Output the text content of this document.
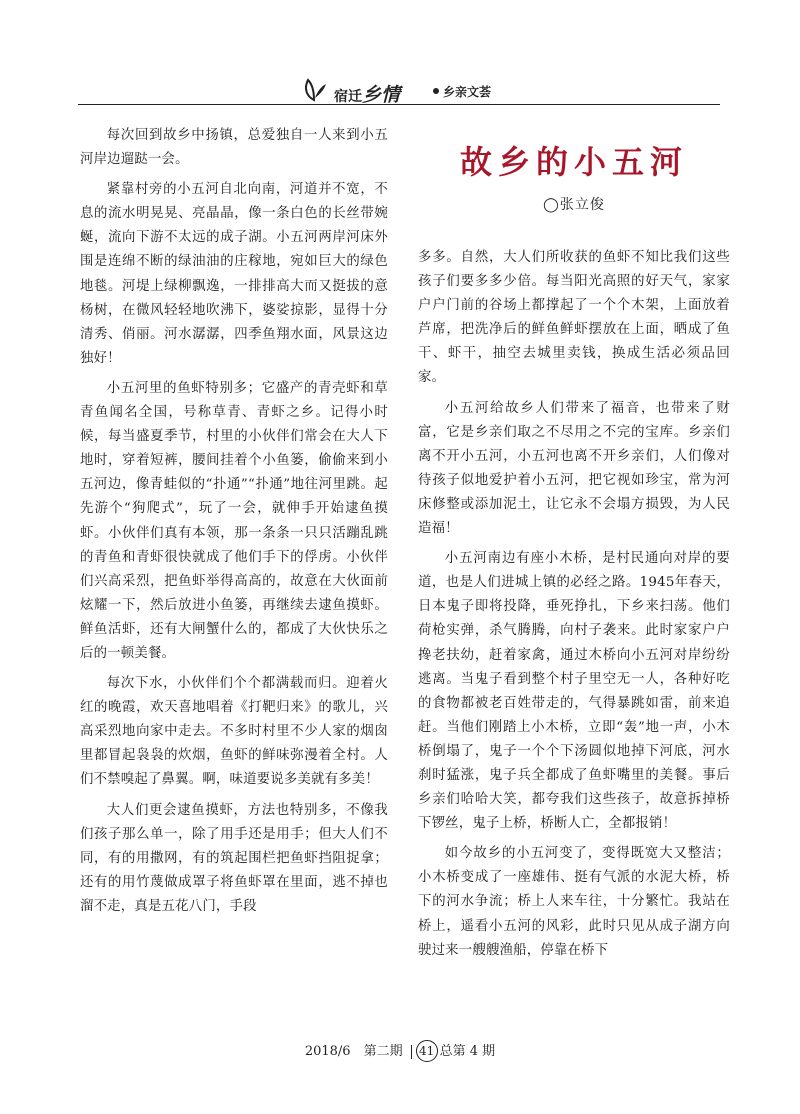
宿迁乡情	乡亲文荟

每次回到故乡中扬镇，总爱独自一人来到小五河岸边遛跶一会。

紧靠村旁的小五河自北向南，河道并不宽，不息的流水明晃晃、亮晶晶，像一条白色的长丝带婉蜒，流向下游不太远的成子湖。小五河两岸河床外围是连绵不断的绿油油的庄稼地，宛如巨大的绿色地毯。河堤上绿柳飘逸，一排排高大而又挺拔的意杨树，在微风轻轻地吹沸下，婆娑掠影，显得十分清秀、俏丽。河水潺潺，四季鱼翔水面，风景这边独好！

小五河里的鱼虾特别多；它盛产的青壳虾和草青鱼闻名全国，号称草青、青虾之乡。记得小时候，每当盛夏季节，村里的小伙伴们常会在大人下地时，穿着短裤，腰间挂着个小鱼篓，偷偷来到小五河边，像青蛙似的“扑通”“扑通”地往河里跳。起先游个“狗爬式”，玩了一会，就伸手开始逮鱼摸虾。小伙伴们真有本领，那一条条一只只活蹦乱跳的青鱼和青虾很快就成了他们手下的俘虏。小伙伴们兴高采烈，把鱼虾举得高高的，故意在大伙面前炫耀一下，然后放进小鱼篓，再继续去逮鱼摸虾。鲜鱼活虾，还有大闸蟹什么的，都成了大伙快乐之后的一顿美餐。

每次下水，小伙伴们个个都满载而归。迎着火红的晚霞，欢天喜地唱着《打靶归来》的歌儿，兴高采烈地向家中走去。不多时村里不少人家的烟囱里都冒起袅袅的炊烟，鱼虾的鲜味弥漫着全村。人们不禁嗅起了鼻翼。啊，味道要说多美就有多美！

大人们更会逮鱼摸虾，方法也特别多，不像我们孩子那么单一，除了用手还是用手；但大人们不同，有的用撒网，有的筑起围栏把鱼虾挡阻捉拿；还有的用竹蔑做成罩子将鱼虾罩在里面，逃不掉也溜不走，真是五花八门，手段

故乡的小五河
◯张立俊

多多。自然，大人们所收获的鱼虾不知比我们这些孩子们要多多少倍。每当阳光高照的好天气，家家户户门前的谷场上都撑起了一个个木架，上面放着芦席，把洗净后的鲜鱼鲜虾摆放在上面，晒成了鱼干、虾干，抽空去城里卖钱，换成生活必须品回家。

小五河给故乡人们带来了福音，也带来了财富，它是乡亲们取之不尽用之不完的宝库。乡亲们离不开小五河，小五河也离不开乡亲们，人们像对待孩子似地爱护着小五河，把它视如珍宝，常为河床修整或添加泥土，让它永不会塌方损毁，为人民造福！

小五河南边有座小木桥，是村民通向对岸的要道，也是人们进城上镇的必经之路。1945年春天，日本鬼子即将投降，垂死挣扎，下乡来扫荡。他们荷枪实弹，杀气腾腾，向村子袭来。此时家家户户搀老扶幼，赶着家禽，通过木桥向小五河对岸纷纷逃离。当鬼子看到整个村子里空无一人，各种好吃的食物都被老百姓带走的，气得暴跳如雷，前来追赶。当他们刚踏上小木桥，立即“轰”地一声，小木桥倒塌了，鬼子一个个下汤圆似地掉下河底，河水刹时猛涨，鬼子兵全都成了鱼虾嘴里的美餐。事后乡亲们哈哈大笑，都夸我们这些孩子，故意拆掉桥下锣丝，鬼子上桥，桥断人亡，全都报销！

如今故乡的小五河变了，变得既宽大又整洁；小木桥变成了一座雄伟、挺有气派的水泥大桥，桥下的河水争流；桥上人来车往，十分繁忙。我站在桥上，遥看小五河的风彩，此时只见从成子湖方向驶过来一艘艘渔船，停靠在桥下

2018/6　第二期 41 总第 4 期
